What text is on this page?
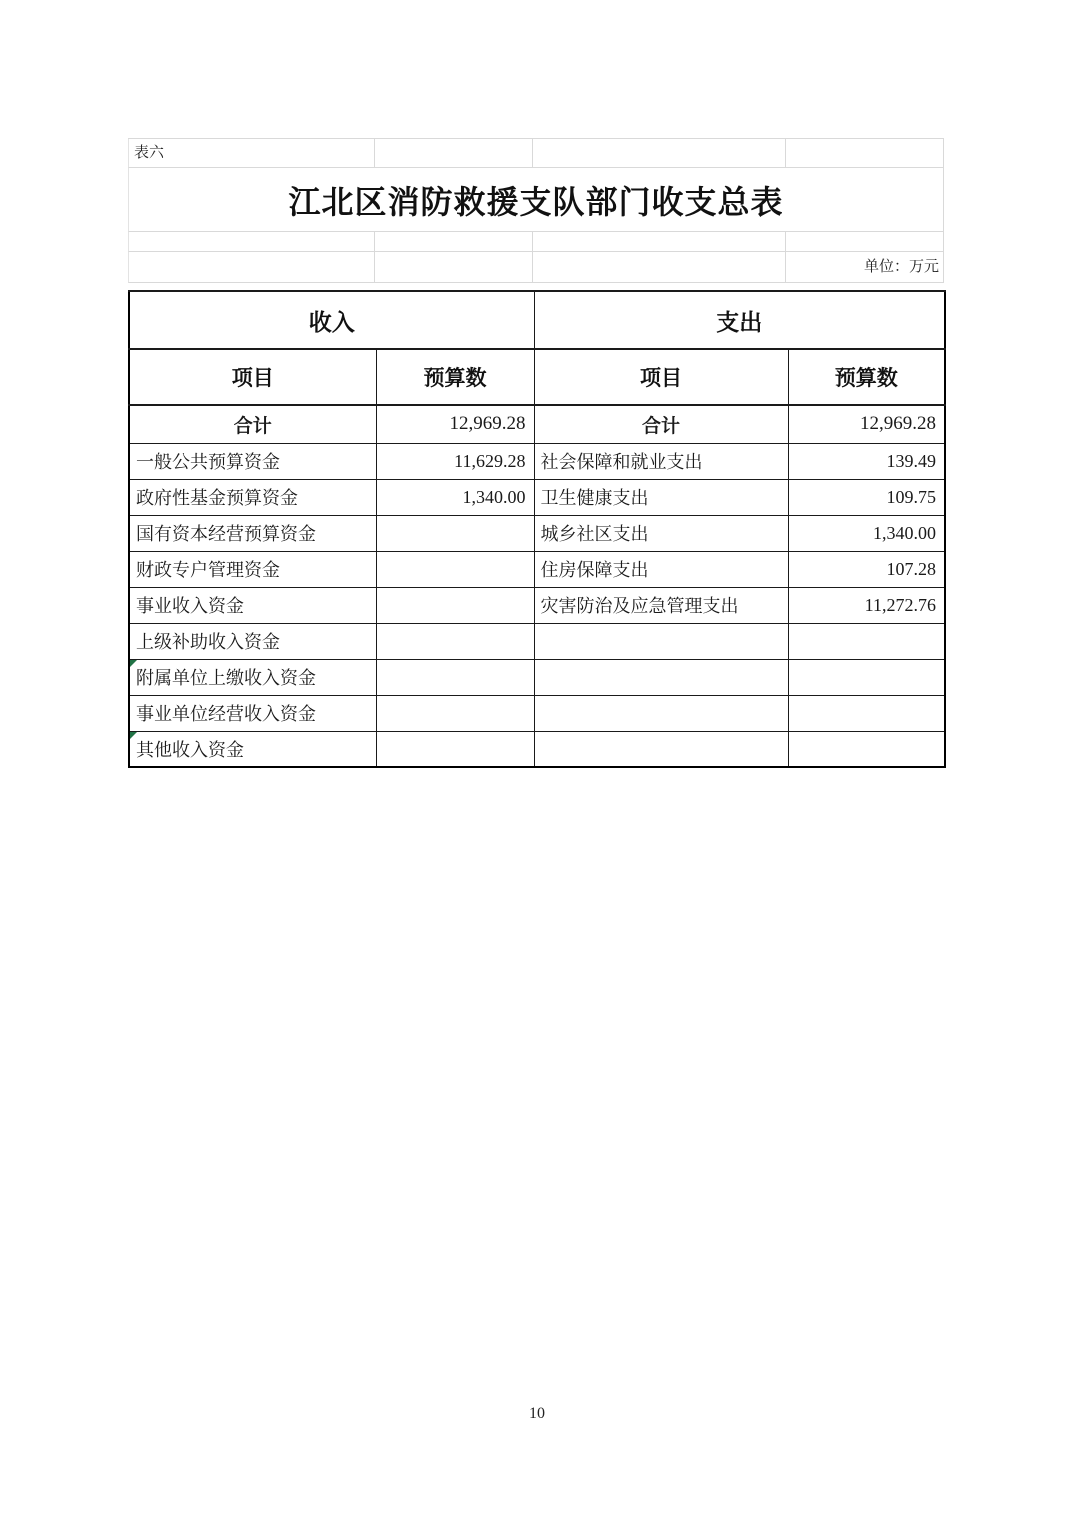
表六
江北区消防救援支队部门收支总表
单位：万元
收入		支出	
项目	预算数	项目	预算数
合计	12,969.28	合计	12,969.28
一般公共预算资金	11,629.28	社会保障和就业支出	139.49
政府性基金预算资金	1,340.00	卫生健康支出	109.75
国有资本经营预算资金		城乡社区支出	1,340.00
财政专户管理资金		住房保障支出	107.28
事业收入资金		灾害防治及应急管理支出	11,272.76
上级补助收入资金			

附属单位上缴收入资金			
事业单位经营收入资金			

其他收入资金			
10
